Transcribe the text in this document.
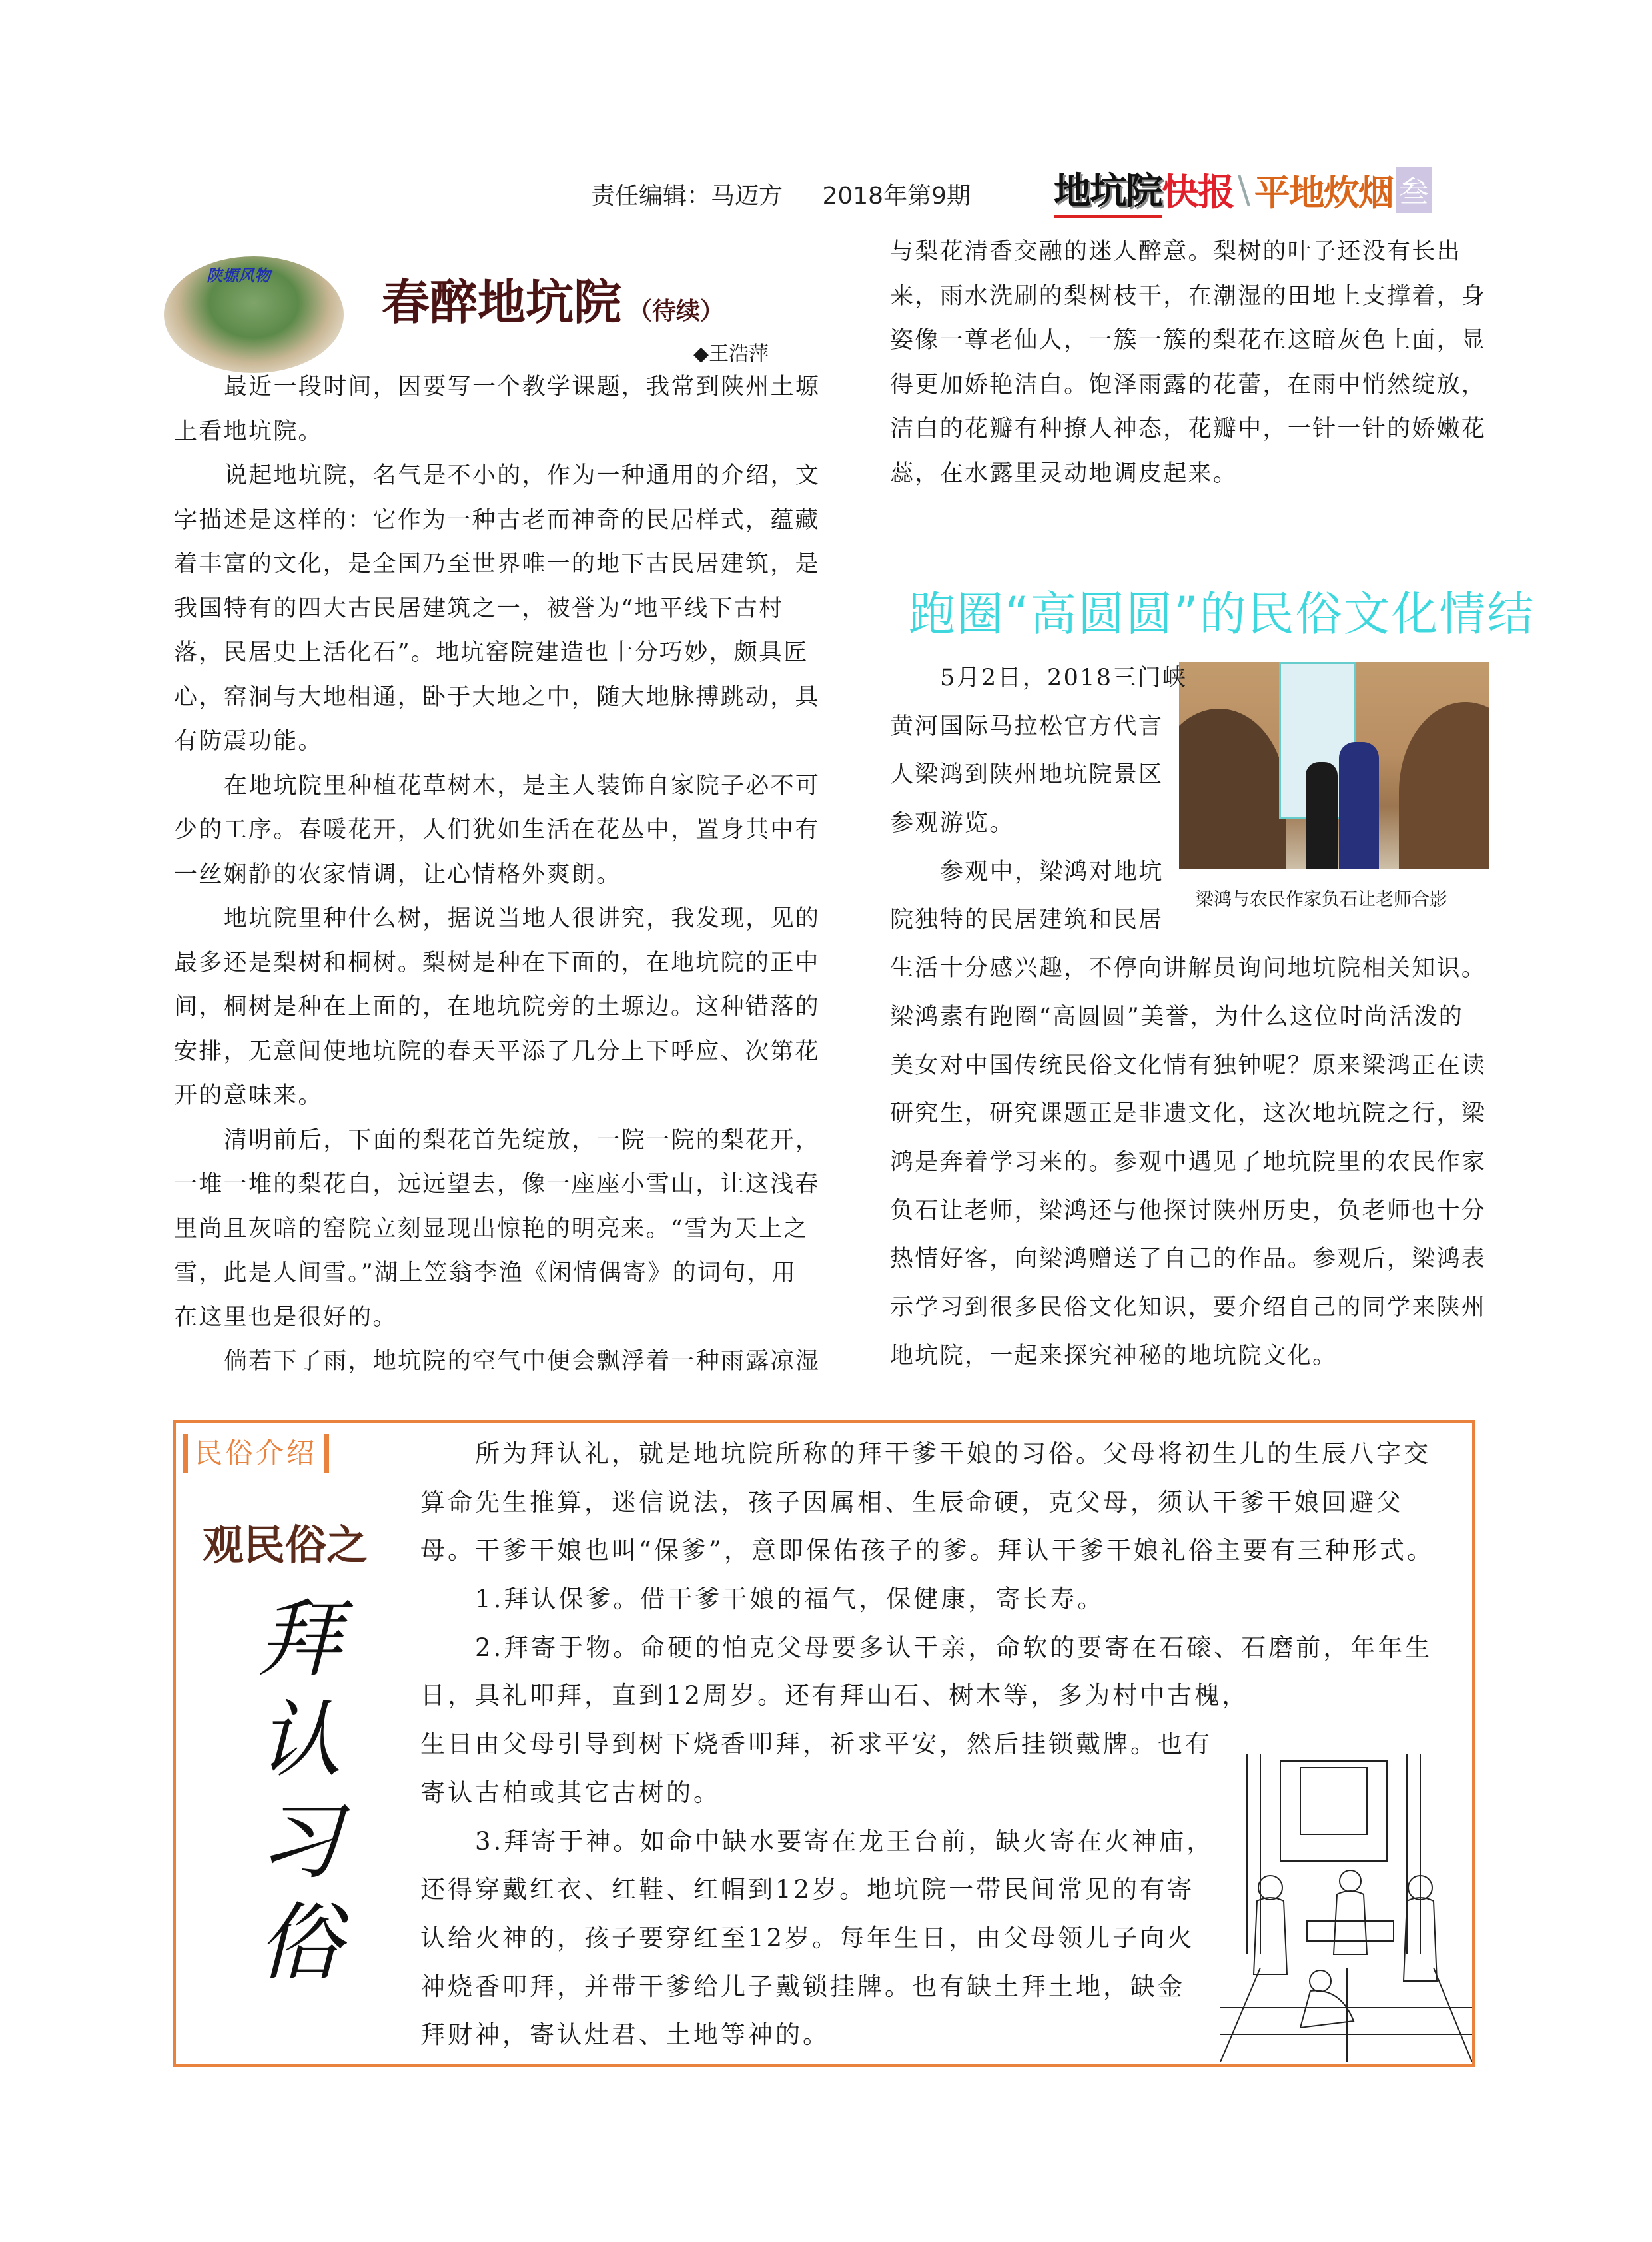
责任编辑：马迈方 2018年第9期	地坑院 快报 \ 平地炊烟 叁
陕塬风物 春醉地坑院 （待续）
◆王浩萍
最近一段时间，因要写一个教学课题，我常到陕州土塬
上看地坑院。
说起地坑院，名气是不小的，作为一种通用的介绍，文
字描述是这样的：它作为一种古老而神奇的民居样式，蕴藏
着丰富的文化，是全国乃至世界唯一的地下古民居建筑，是
我国特有的四大古民居建筑之一，被誉为“地平线下古村
落，民居史上活化石”。地坑窑院建造也十分巧妙，颇具匠
心，窑洞与大地相通，卧于大地之中，随大地脉搏跳动，具
有防震功能。
在地坑院里种植花草树木，是主人装饰自家院子必不可
少的工序。春暖花开，人们犹如生活在花丛中，置身其中有
一丝娴静的农家情调，让心情格外爽朗。
地坑院里种什么树，据说当地人很讲究，我发现，见的
最多还是梨树和桐树。梨树是种在下面的，在地坑院的正中
间，桐树是种在上面的，在地坑院旁的土塬边。这种错落的
安排，无意间使地坑院的春天平添了几分上下呼应、次第花
开的意味来。
清明前后，下面的梨花首先绽放，一院一院的梨花开，
一堆一堆的梨花白，远远望去，像一座座小雪山，让这浅春
里尚且灰暗的窑院立刻显现出惊艳的明亮来。“雪为天上之
雪，此是人间雪。”湖上笠翁李渔《闲情偶寄》的词句，用
在这里也是很好的。
倘若下了雨，地坑院的空气中便会飘浮着一种雨露凉湿
与梨花清香交融的迷人醉意。梨树的叶子还没有长出
来，雨水洗刷的梨树枝干，在潮湿的田地上支撑着，身
姿像一尊老仙人，一簇一簇的梨花在这暗灰色上面，显
得更加娇艳洁白。饱泽雨露的花蕾，在雨中悄然绽放，
洁白的花瓣有种撩人神态，花瓣中，一针一针的娇嫩花
蕊，在水露里灵动地调皮起来。
跑圈“高圆圆”的民俗文化情结
梁鸿与农民作家负石让老师合影
5月2日，2018三门峡
黄河国际马拉松官方代言
人梁鸿到陕州地坑院景区
参观游览。
参观中，梁鸿对地坑
院独特的民居建筑和民居
生活十分感兴趣，不停向讲解员询问地坑院相关知识。
梁鸿素有跑圈“高圆圆”美誉，为什么这位时尚活泼的
美女对中国传统民俗文化情有独钟呢？原来梁鸿正在读
研究生，研究课题正是非遗文化，这次地坑院之行，梁
鸿是奔着学习来的。参观中遇见了地坑院里的农民作家
负石让老师，梁鸿还与他探讨陕州历史，负老师也十分
热情好客，向梁鸿赠送了自己的作品。参观后，梁鸿表
示学习到很多民俗文化知识，要介绍自己的同学来陕州
地坑院，一起来探究神秘的地坑院文化。
民俗介绍
观民俗之
拜
认
习
俗
所为拜认礼，就是地坑院所称的拜干爹干娘的习俗。父母将初生儿的生辰八字交
算命先生推算，迷信说法，孩子因属相、生辰命硬，克父母，须认干爹干娘回避父
母。干爹干娘也叫“保爹”，意即保佑孩子的爹。拜认干爹干娘礼俗主要有三种形式。
1.拜认保爹。借干爹干娘的福气，保健康，寄长寿。
2.拜寄于物。命硬的怕克父母要多认干亲，命软的要寄在石磙、石磨前，年年生
日，具礼叩拜，直到12周岁。还有拜山石、树木等，多为村中古槐，
生日由父母引导到树下烧香叩拜，祈求平安，然后挂锁戴牌。也有
寄认古柏或其它古树的。
3.拜寄于神。如命中缺水要寄在龙王台前，缺火寄在火神庙，
还得穿戴红衣、红鞋、红帽到12岁。地坑院一带民间常见的有寄
认给火神的，孩子要穿红至12岁。每年生日，由父母领儿子向火
神烧香叩拜，并带干爹给儿子戴锁挂牌。也有缺土拜土地，缺金
拜财神，寄认灶君、土地等神的。
